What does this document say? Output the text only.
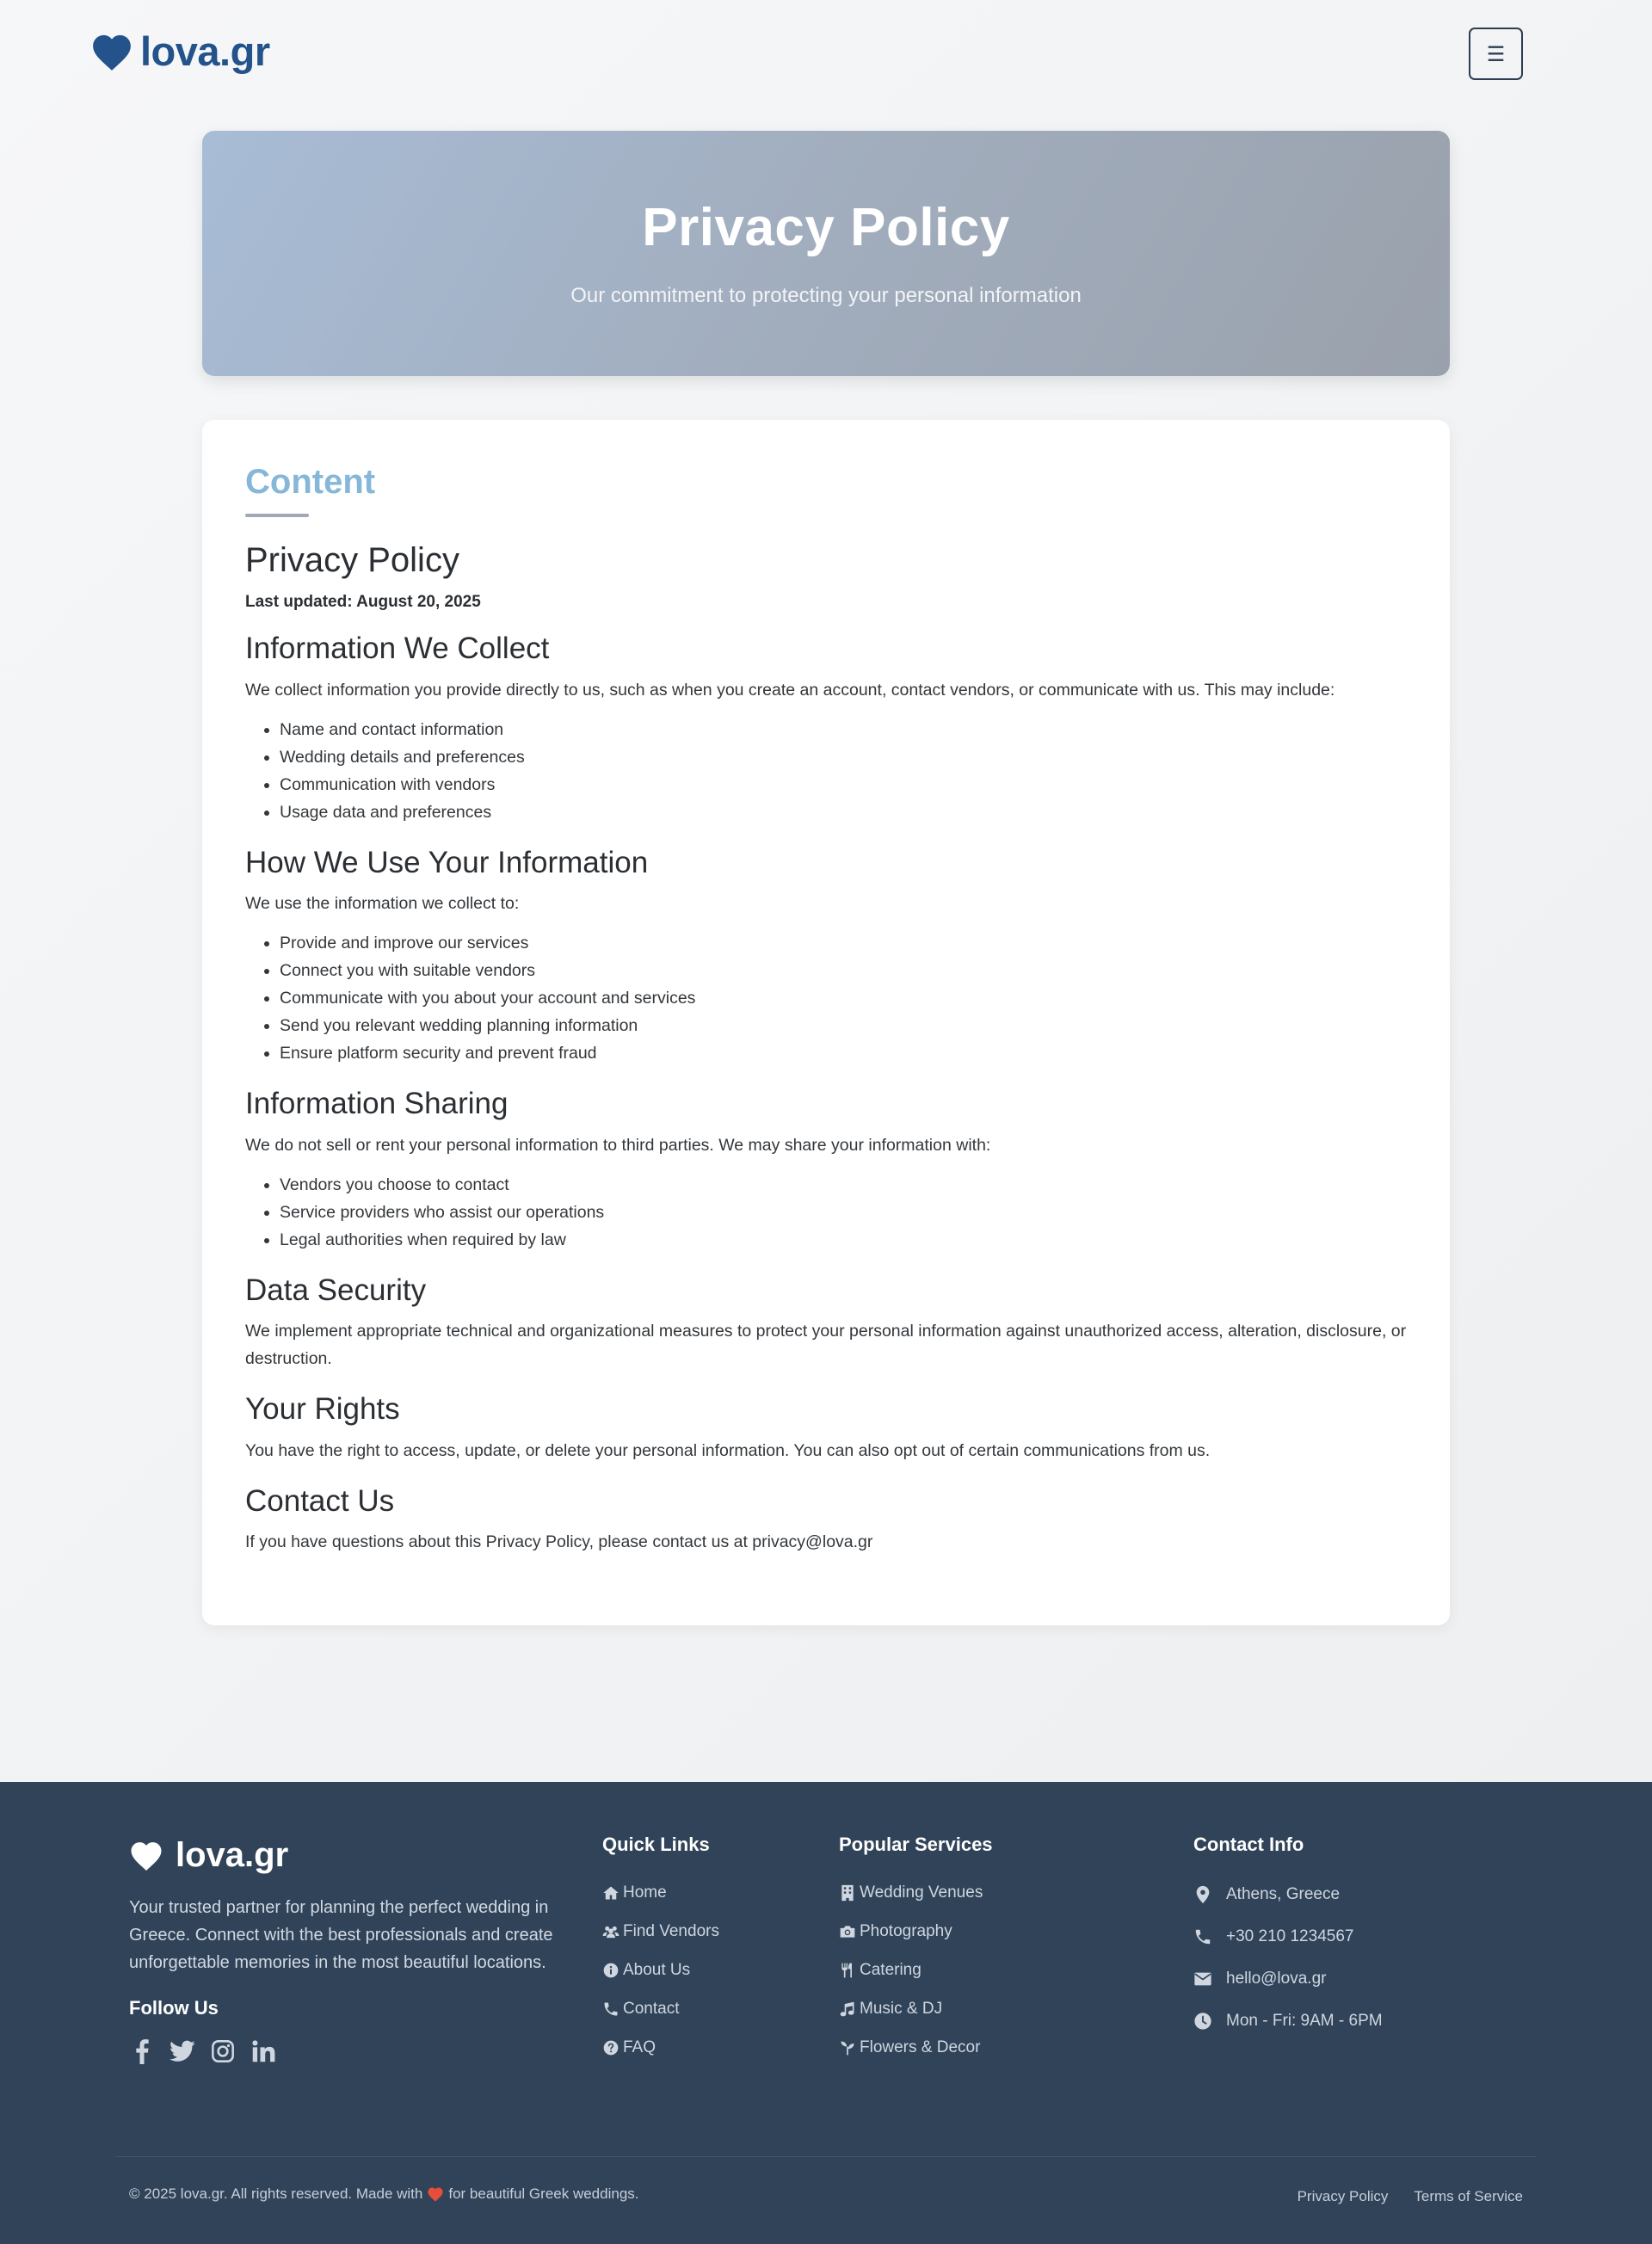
lova.gr	☰
Privacy Policy

Our commitment to protecting your personal information

Content
Privacy Policy
Last updated: August 20, 2025
Information We Collect

We collect information you provide directly to us, such as when you create an account, contact vendors, or communicate with us. This may include:

• Name and contact information
• Wedding details and preferences
• Communication with vendors
• Usage data and preferences
How We Use Your Information

We use the information we collect to:

• Provide and improve our services
• Connect you with suitable vendors
• Communicate with you about your account and services
• Send you relevant wedding planning information
• Ensure platform security and prevent fraud
Information Sharing

We do not sell or rent your personal information to third parties. We may share your information with:

• Vendors you choose to contact
• Service providers who assist our operations
• Legal authorities when required by law
Data Security

We implement appropriate technical and organizational measures to protect your personal information against unauthorized access, alteration, disclosure, or destruction.

Your Rights

You have the right to access, update, or delete your personal information. You can also opt out of certain communications from us.

Contact Us

If you have questions about this Privacy Policy, please contact us at privacy@lova.gr

lova.gr
Your trusted partner for planning the perfect wedding in Greece. Connect with the best professionals and create unforgettable memories in the most beautiful locations.
Follow Us
Quick Links
Home
Find Vendors
About Us
Contact
FAQ
Popular Services
Wedding Venues
Photography
Catering
Music & DJ
Flowers & Decor
Contact Info
Athens, Greece
+30 210 1234567
hello@lova.gr
Mon - Fri: 9AM - 6PM
© 2025 lova.gr. All rights reserved. Made with for beautiful Greek weddings.	Privacy Policy Terms of Service
